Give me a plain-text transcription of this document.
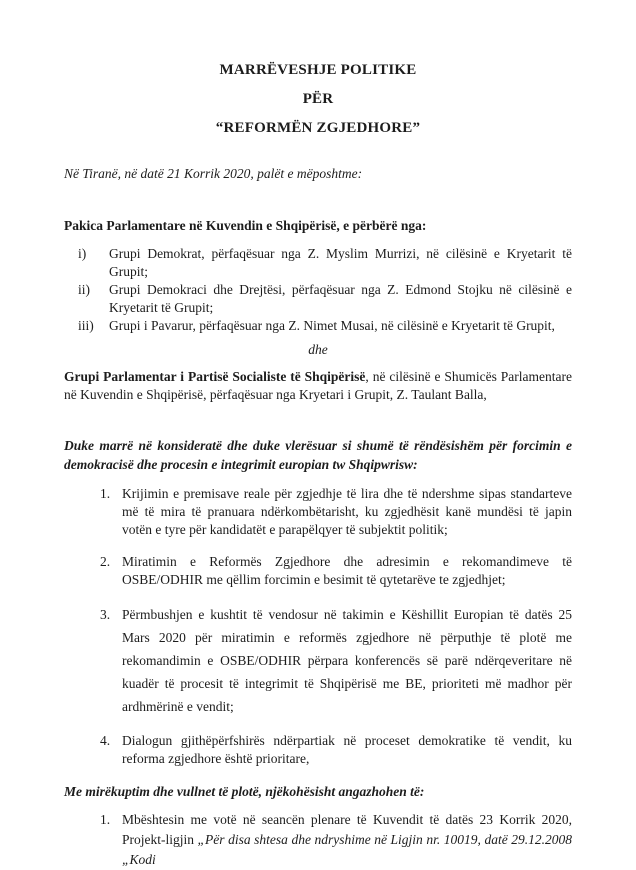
MARRËVESHJE POLITIKE
PËR
“REFORMËN ZGJEDHORE”

Në Tiranë, në datë 21 Korrik 2020, palët e mëposhtme:

Pakica Parlamentare në Kuvendin e Shqipërisë, e përbërë nga:

i)	Grupi Demokrat, përfaqësuar nga Z. Myslim Murrizi, në cilësinë e Kryetarit të Grupit;
ii)	Grupi Demokraci dhe Drejtësi, përfaqësuar nga Z. Edmond Stojku në cilësinë e Kryetarit të Grupit;
iii)	Grupi i Pavarur, përfaqësuar nga Z. Nimet Musai, në cilësinë e Kryetarit të Grupit,

dhe

Grupi Parlamentar i Partisë Socialiste të Shqipërisë, në cilësinë e Shumicës Parlamentare në Kuvendin e Shqipërisë, përfaqësuar nga Kryetari i Grupit, Z. Taulant Balla,

Duke marrë në konsideratë dhe duke vlerësuar si shumë të rëndësishëm për forcimin e demokracisë dhe procesin e integrimit europian tw Shqipwrisw:

1. Krijimin e premisave reale për zgjedhje të lira dhe të ndershme sipas standarteve më të mira të pranuara ndërkombëtarisht, ku zgjedhësit kanë mundësi të japin votën e tyre për kandidatët e parapëlqyer të subjektit politik;
2. Miratimin e Reformës Zgjedhore dhe adresimin e rekomandimeve të OSBE/ODHIR me qëllim forcimin e besimit të qytetarëve te zgjedhjet;
3. Përmbushjen e kushtit të vendosur në takimin e Këshillit Europian të datës 25 Mars 2020 për miratimin e reformës zgjedhore në përputhje të plotë me rekomandimin e OSBE/ODHIR përpara konferencës së parë ndërqeveritare në kuadër të procesit të integrimit të Shqipërisë me BE, prioriteti më madhor për ardhmërinë e vendit;
4. Dialogun gjithëpërfshirës ndërpartiak në proceset demokratike të vendit, ku reforma zgjedhore është prioritare,

Me mirëkuptim dhe vullnet të plotë, njëkohësisht angazhohen të:

1. Mbështesin me votë në seancën plenare të Kuvendit të datës 23 Korrik 2020, Projekt-ligjin „Për disa shtesa dhe ndryshime në Ligjin nr. 10019, datë 29.12.2008 „Kodi
